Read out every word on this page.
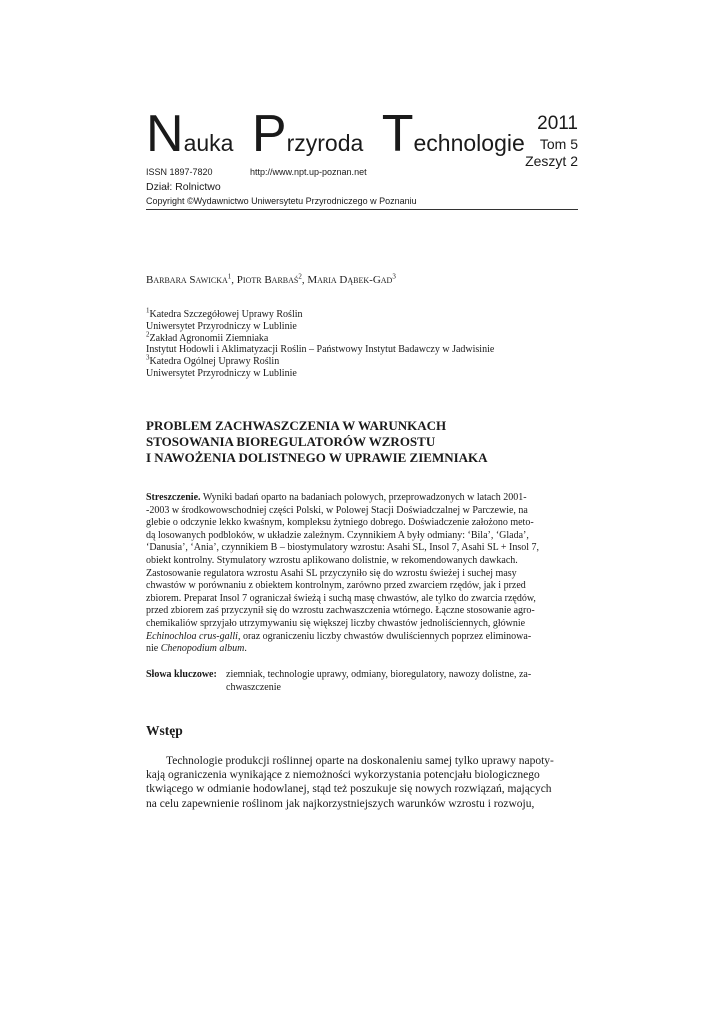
Nauka Przyroda Technologie
2011
Tom 5
Zeszyt 2
ISSN 1897-7820	http://www.npt.up-poznan.net
Dział: Rolnictwo
Copyright ©Wydawnictwo Uniwersytetu Przyrodniczego w Poznaniu
Barbara Sawicka$^1$, Piotr Barbaś$^2$, Maria Dąbek-Gad$^3$
$^1$Katedra Szczegółowej Uprawy Roślin
Uniwersytet Przyrodniczy w Lublinie
$^2$Zakład Agronomii Ziemniaka
Instytut Hodowli i Aklimatyzacji Roślin – Państwowy Instytut Badawczy w Jadwisinie
$^3$Katedra Ogólnej Uprawy Roślin
Uniwersytet Przyrodniczy w Lublinie
PROBLEM ZACHWASZCZENIA W WARUNKACH
STOSOWANIA BIOREGULATORÓW WZROSTU
I NAWOŻENIA DOLISTNEGO W UPRAWIE ZIEMNIAKA
Streszczenie. Wyniki badań oparto na badaniach polowych, przeprowadzonych w latach 2001-
-2003 w środkowowschodniej części Polski, w Polowej Stacji Doświadczalnej w Parczewie, na
glebie o odczynie lekko kwaśnym, kompleksu żytniego dobrego. Doświadczenie założono meto-
dą losowanych podbloków, w układzie zależnym. Czynnikiem A były odmiany: ‘Bila’, ‘Glada’,
‘Danusia’, ‘Ania’, czynnikiem B – biostymulatory wzrostu: Asahi SL, Insol 7, Asahi SL + Insol 7,
obiekt kontrolny. Stymulatory wzrostu aplikowano dolistnie, w rekomendowanych dawkach.
Zastosowanie regulatora wzrostu Asahi SL przyczyniło się do wzrostu świeżej i suchej masy
chwastów w porównaniu z obiektem kontrolnym, zarówno przed zwarciem rzędów, jak i przed
zbiorem. Preparat Insol 7 ograniczał świeżą i suchą masę chwastów, ale tylko do zwarcia rzędów,
przed zbiorem zaś przyczynił się do wzrostu zachwaszczenia wtórnego. Łączne stosowanie agro-
chemikaliów sprzyjało utrzymywaniu się większej liczby chwastów jednoliściennych, głównie
Echinochloa crus-galli, oraz ograniczeniu liczby chwastów dwuliściennych poprzez eliminowa-
nie Chenopodium album.
Słowa kluczowe: ziemniak, technologie uprawy, odmiany, bioregulatory, nawozy dolistne, za-
chwaszczenie
Wstęp
Technologie produkcji roślinnej oparte na doskonaleniu samej tylko uprawy napoty-
kają ograniczenia wynikające z niemożności wykorzystania potencjału biologicznego
tkwiącego w odmianie hodowlanej, stąd też poszukuje się nowych rozwiązań, mających
na celu zapewnienie roślinom jak najkorzystniejszych warunków wzrostu i rozwoju,
